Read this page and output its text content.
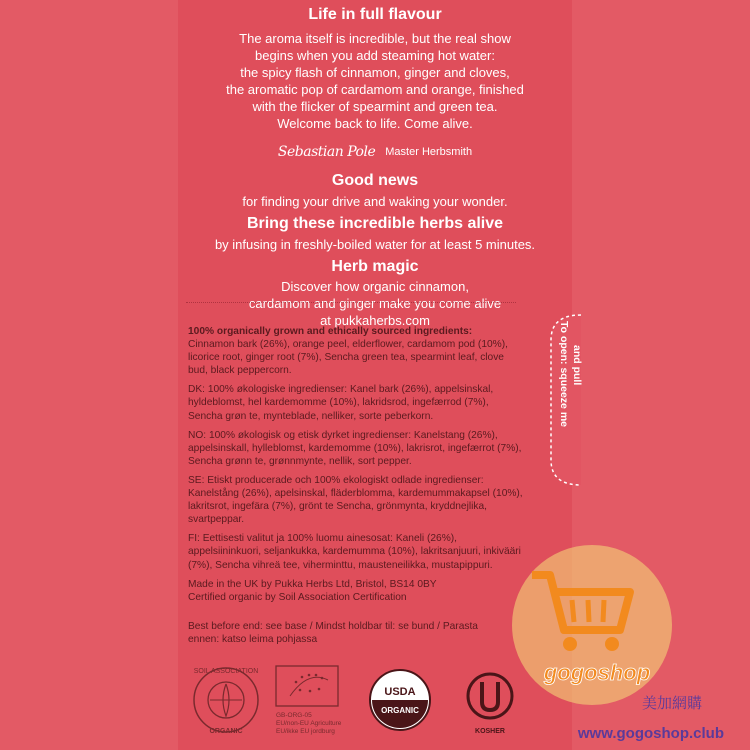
Life in full flavour

The aroma itself is incredible, but the real show

begins when you add steaming hot water:

the spicy flash of cinnamon, ginger and cloves,

the aromatic pop of cardamom and orange, finished

with the flicker of spearmint and green tea.

Welcome back to life. Come alive.

Sebastian Pole Master Herbsmith

Good news

for finding your drive and waking your wonder.

Bring these incredible herbs alive

by infusing in freshly-boiled water for at least 5 minutes.

Herb magic

Discover how organic cinnamon,

cardamom and ginger make you come alive

at pukkaherbs.com

100% organically grown and ethically sourced ingredients:
Cinnamon bark (26%), orange peel, elderflower, cardamom pod (10%), licorice root, ginger root (7%), Sencha green tea, spearmint leaf, clove bud, black peppercorn.

DK: 100% økologiske ingredienser: Kanel bark (26%), appelsinskal, hyldeblomst, hel kardemomme (10%), lakridsrod, ingefærrod (7%), Sencha grøn te, mynteblade, nelliker, sorte peberkorn.

NO: 100% økologisk og etisk dyrket ingredienser: Kanelstang (26%), appelsinskall, hylleblomst, kardemomme (10%), lakrisrot, ingefærrot (7%), Sencha grønn te, grønnmynte, nellik, sort pepper.

SE: Etiskt producerade och 100% ekologiskt odlade ingredienser: Kanelstång (26%), apelsinskal, fläderblomma, kardemummakapsel (10%), lakritsrot, ingefära (7%), grönt te Sencha, grönmynta, kryddnejlika, svartpeppar.

FI: Eettisesti valitut ja 100% luomu ainesosat: Kaneli (26%), appelsiininkuori, seljankukka, kardemumma (10%), lakritsanjuuri, inkivääri (7%), Sencha vihreä tee, viherminttu, mausteneilikka, mustapippuri.

Made in the UK by Pukka Herbs Ltd, Bristol, BS14 0BY

Certified organic by Soil Association Certification

Best before end: see base / Mindst holdbar til: se bund / Parasta ennen: katso leima pohjassa

To open: squeeze me and pull
SOIL ASSOCIATION
ORGANIC
GB-ORG-05
EU/non-EU Agriculture
EU/ikke EU jordburg
USDA
ORGANIC
KOSHER
gogoshop
美加網購
www.gogoshop.club
